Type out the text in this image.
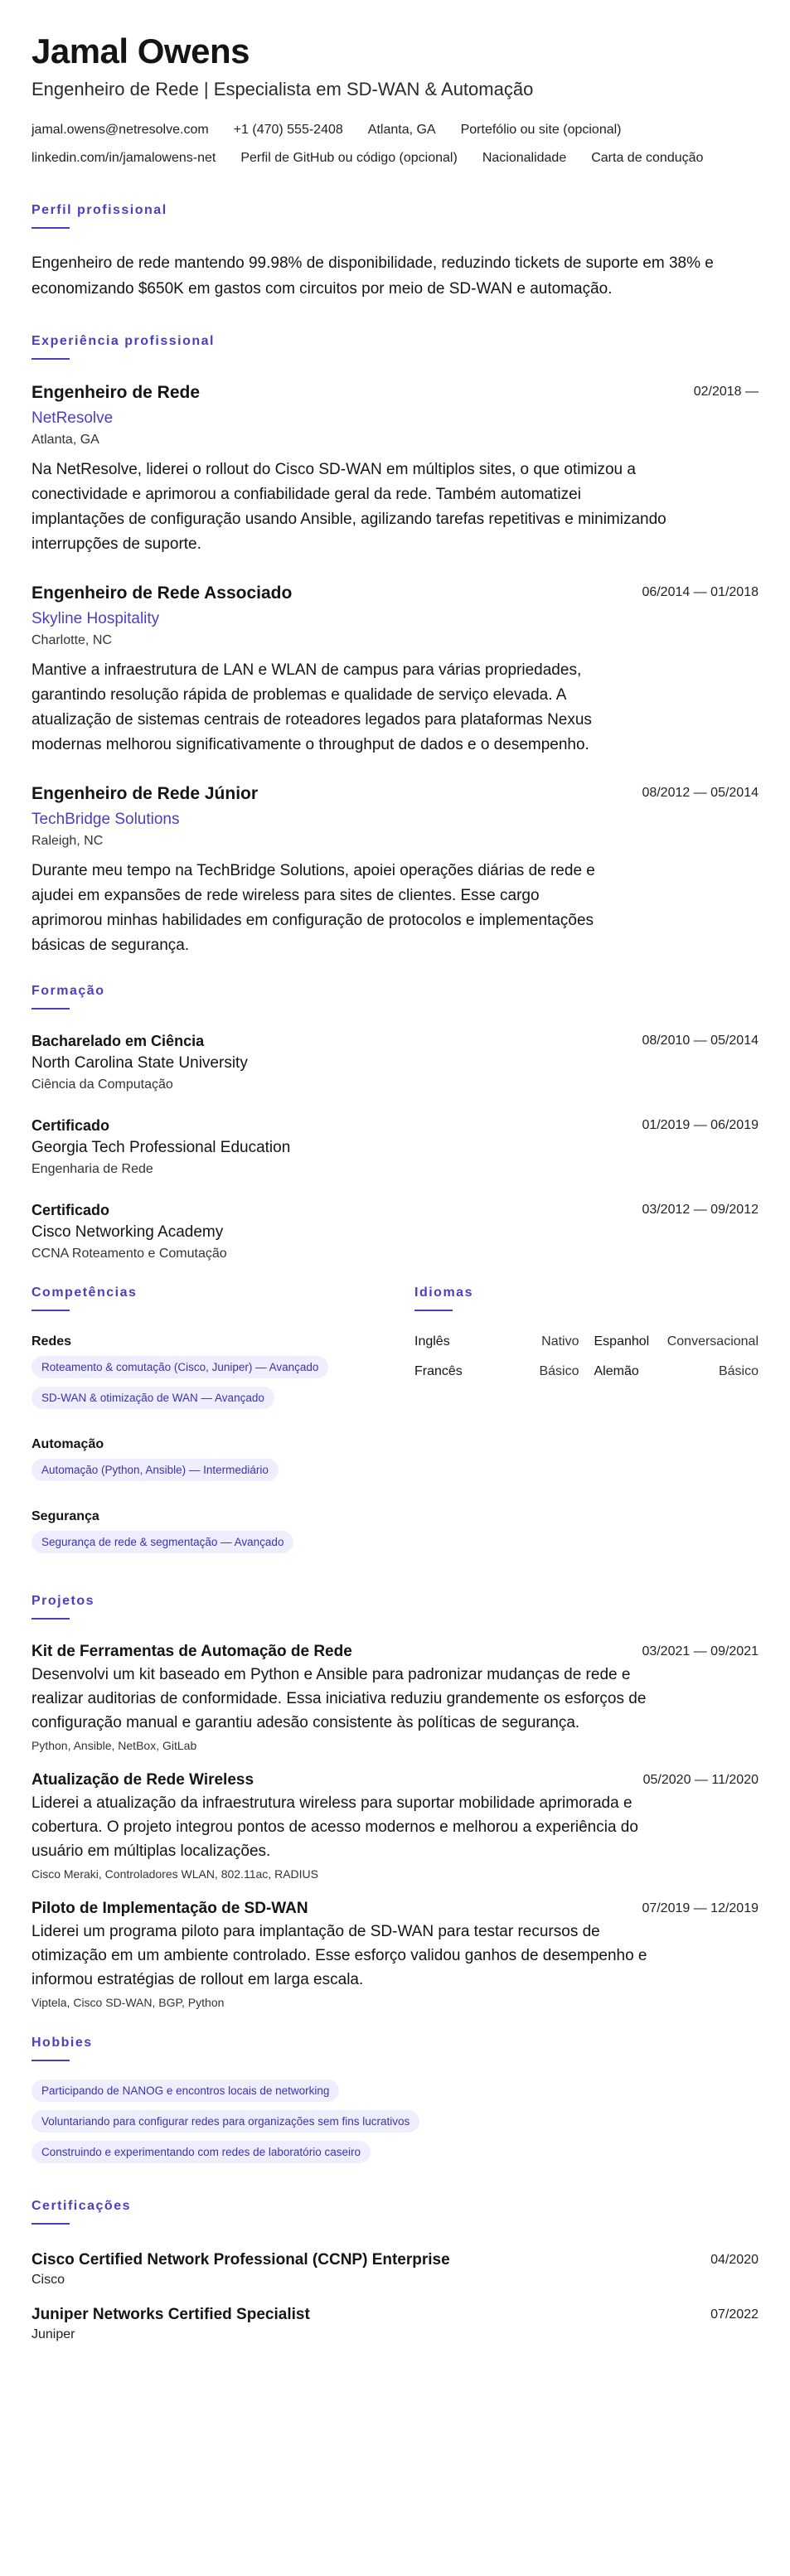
Jamal Owens
Engenheiro de Rede | Especialista em SD-WAN & Automação
jamal.owens@netresolve.com +1 (470) 555-2408 Atlanta, GA Portefólio ou site (opcional)
linkedin.com/in/jamalowens-net Perfil de GitHub ou código (opcional) Nacionalidade Carta de condução
Perfil profissional

Engenheiro de rede mantendo 99.98% de disponibilidade, reduzindo tickets de suporte em 38% e economizando $650K em gastos com circuitos por meio de SD-WAN e automação.

Experiência profissional
Engenheiro de Rede	02/2018 —
NetResolve
Atlanta, GA

Na NetResolve, liderei o rollout do Cisco SD-WAN em múltiplos sites, o que otimizou a conectividade e aprimorou a confiabilidade geral da rede. Também automatizei implantações de configuração usando Ansible, agilizando tarefas repetitivas e minimizando interrupções de suporte.

Engenheiro de Rede Associado	06/2014 — 01/2018
Skyline Hospitality
Charlotte, NC

Mantive a infraestrutura de LAN e WLAN de campus para várias propriedades, garantindo resolução rápida de problemas e qualidade de serviço elevada. A atualização de sistemas centrais de roteadores legados para plataformas Nexus modernas melhorou significativamente o throughput de dados e o desempenho.

Engenheiro de Rede Júnior	08/2012 — 05/2014
TechBridge Solutions
Raleigh, NC

Durante meu tempo na TechBridge Solutions, apoiei operações diárias de rede e ajudei em expansões de rede wireless para sites de clientes. Esse cargo aprimorou minhas habilidades em configuração de protocolos e implementações básicas de segurança.

Formação
Bacharelado em Ciência	08/2010 — 05/2014
North Carolina State University
Ciência da Computação
Certificado	01/2019 — 06/2019
Georgia Tech Professional Education
Engenharia de Rede
Certificado	03/2012 — 09/2012
Cisco Networking Academy
CCNA Roteamento e Comutação
Competências
Redes
Roteamento & comutação (Cisco, Juniper) — Avançado
SD-WAN & otimização de WAN — Avançado
Automação
Automação (Python, Ansible) — Intermediário
Segurança
Segurança de rede & segmentação — Avançado
Idiomas
Inglês	Nativo Espanhol Conversacional
Francês	Básico Alemão	Básico
Projetos
Kit de Ferramentas de Automação de Rede	03/2021 — 09/2021

Desenvolvi um kit baseado em Python e Ansible para padronizar mudanças de rede e realizar auditorias de conformidade. Essa iniciativa reduziu grandemente os esforços de configuração manual e garantiu adesão consistente às políticas de segurança.

Python, Ansible, NetBox, GitLab
Atualização de Rede Wireless	05/2020 — 11/2020

Liderei a atualização da infraestrutura wireless para suportar mobilidade aprimorada e cobertura. O projeto integrou pontos de acesso modernos e melhorou a experiência do usuário em múltiplas localizações.

Cisco Meraki, Controladores WLAN, 802.11ac, RADIUS
Piloto de Implementação de SD-WAN	07/2019 — 12/2019

Liderei um programa piloto para implantação de SD-WAN para testar recursos de otimização em um ambiente controlado. Esse esforço validou ganhos de desempenho e informou estratégias de rollout em larga escala.

Viptela, Cisco SD-WAN, BGP, Python
Hobbies
Participando de NANOG e encontros locais de networking
Voluntariando para configurar redes para organizações sem fins lucrativos
Construindo e experimentando com redes de laboratório caseiro
Certificações
Cisco Certified Network Professional (CCNP) Enterprise	04/2020
Cisco
Juniper Networks Certified Specialist	07/2022
Juniper
